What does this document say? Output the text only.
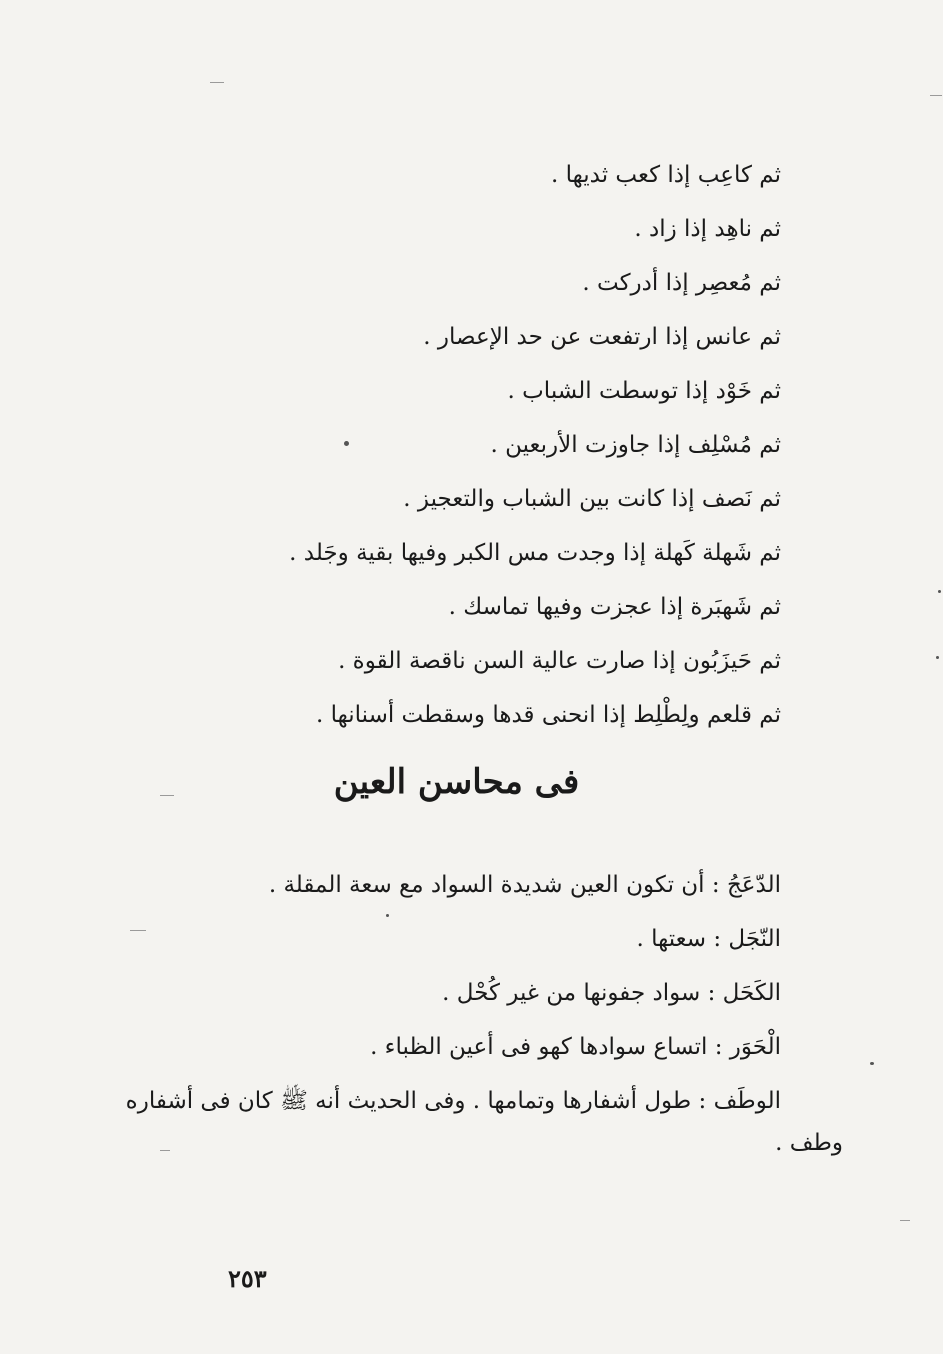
ثم كاعِب إذا كعب ثديها .
ثم ناهِد إذا زاد .
ثم مُعصِر إذا أدركت .
ثم عانس إذا ارتفعت عن حد الإعصار .
ثم خَوْد إذا توسطت الشباب .
ثم مُسْلِف إذا جاوزت الأربعين .
ثم نَصف إذا كانت بين الشباب والتعجيز .
ثم شَهلة كَهلة إذا وجدت مس الكبر وفيها بقية وجَلد .
ثم شَهبَرة إذا عجزت وفيها تماسك .
ثم حَيزَبُون إذا صارت عالية السن ناقصة القوة .
ثم قلعم ولِطْلِط إذا انحنى قدها وسقطت أسنانها .
فى محاسن العين
الدّعَجُ : أن تكون العين شديدة السواد مع سعة المقلة .
النّجَل : سعتها .
الكَحَل : سواد جفونها من غير كُحْل .
الْحَوَر : اتساع سوادها كهو فى أعين الظباء .
الوطَف : طول أشفارها وتمامها . وفى الحديث أنه ﷺ كان فى أشفاره
وطف .
٢٥٣
